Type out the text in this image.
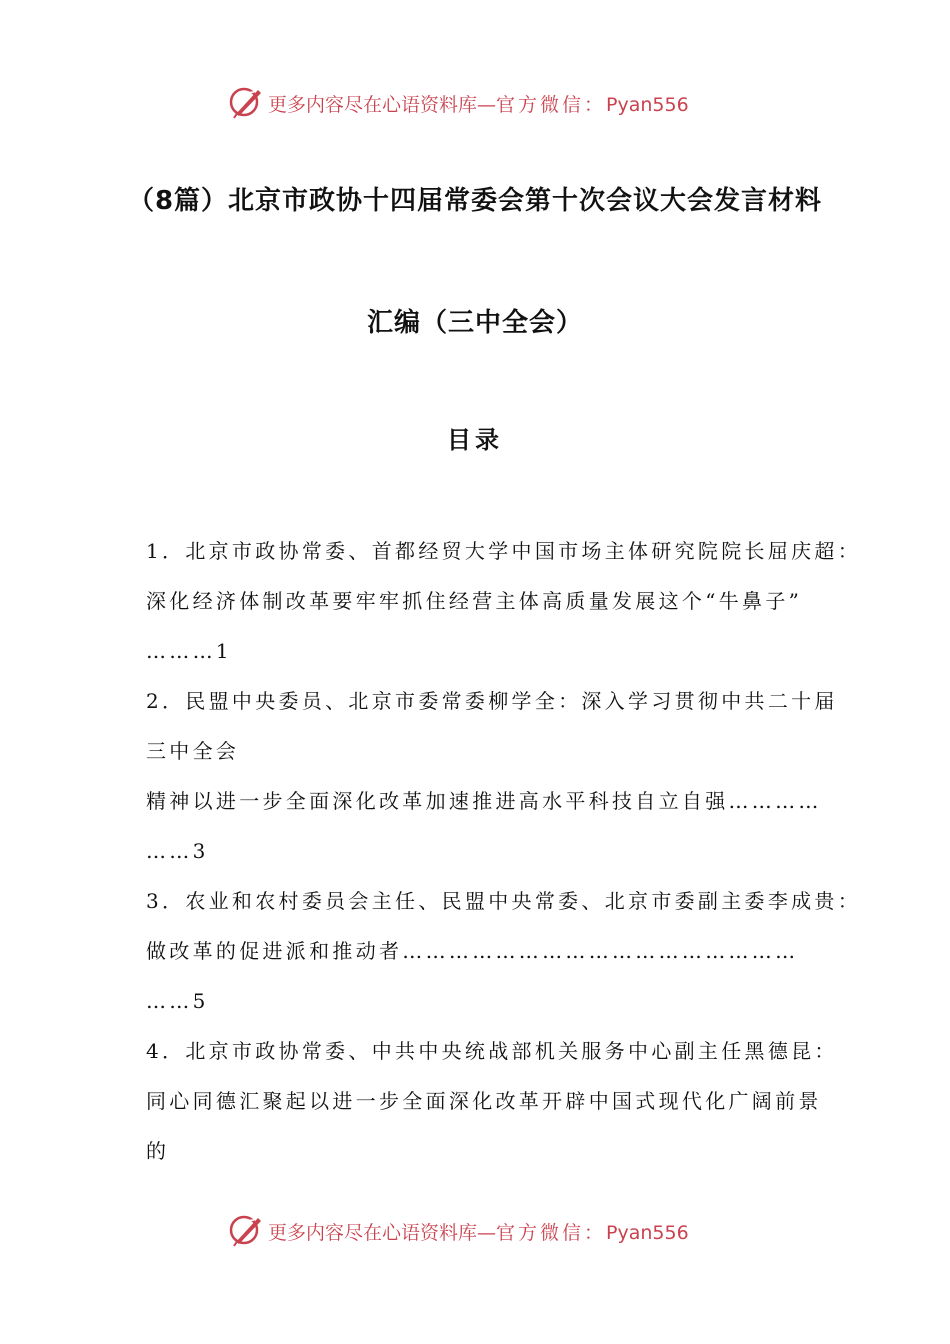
更多内容尽在心语资料库—官方微信：Pyan556
（8篇）北京市政协十四届常委会第十次会议大会发言材料
汇编（三中全会）
目录
1．北京市政协常委、首都经贸大学中国市场主体研究院院长屈庆超：
深化经济体制改革要牢牢抓住经营主体高质量发展这个“牛鼻子”
………1
2．民盟中央委员、北京市委常委柳学全：深入学习贯彻中共二十届
三中全会
精神以进一步全面深化改革加速推进高水平科技自立自强…………
……3
3．农业和农村委员会主任、民盟中央常委、北京市委副主委李成贵：
做改革的促进派和推动者……………………………………………
……5
4．北京市政协常委、中共中央统战部机关服务中心副主任黑德昆：
同心同德汇聚起以进一步全面深化改革开辟中国式现代化广阔前景
的
更多内容尽在心语资料库—官方微信：Pyan556
